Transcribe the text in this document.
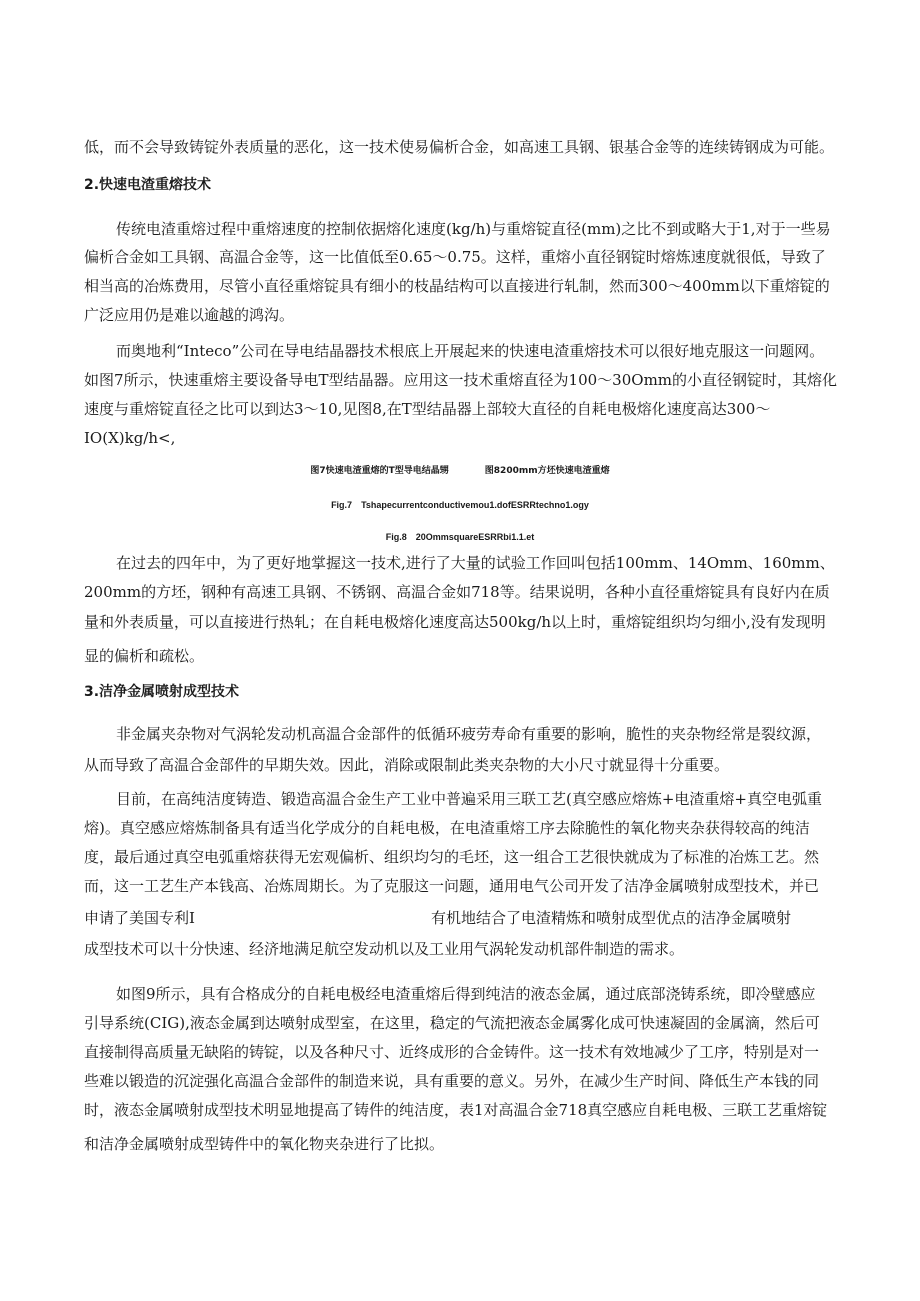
低，而不会导致铸锭外表质量的恶化，这一技术使易偏析合金，如高速工具钢、银基合金等的连续铸钢成为可能。
2.快速电渣重熔技术
传统电渣重熔过程中重熔速度的控制依据熔化速度(kg/h)与重熔锭直径(mm)之比不到或略大于1,对于一些易
偏析合金如工具钢、高温合金等，这一比值低至0.65～0.75。这样，重熔小直径钢锭时熔炼速度就很低，导致了
相当高的冶炼费用，尽管小直径重熔锭具有细小的枝晶结构可以直接进行轧制，然而300～400mm以下重熔锭的
广泛应用仍是难以逾越的鸿沟。
而奥地利“Inteco”公司在导电结晶器技术根底上开展起来的快速电渣重熔技术可以很好地克服这一问题网。
如图7所示，快速重熔主要设备导电T型结晶器。应用这一技术重熔直径为100～30Omm的小直径钢锭时，其熔化
速度与重熔锭直径之比可以到达3～10,见图8,在T型结晶器上部较大直径的自耗电极熔化速度高达300～
IO(X)kg/h<,
图7快速电渣重熔的T型导电结晶甥　　　　图8200mm方坯快速电渣重熔
Fig.7　Tshapecurrentconductivemou1.dofESRRtechno1.ogy
Fig.8　20OmmsquareESRRbi1.1.et
在过去的四年中，为了更好地掌握这一技术,进行了大量的试验工作回叫包括100mm、14Omm、160mm、
200mm的方坯，钢种有高速工具钢、不锈钢、高温合金如718等。结果说明，各种小直径重熔锭具有良好内在质
量和外表质量，可以直接进行热轧；在自耗电极熔化速度高达500kg/h以上时，重熔锭组织均匀细小,没有发现明
显的偏析和疏松。
3.洁净金属喷射成型技术
非金属夹杂物对气涡轮发动机高温合金部件的低循环疲劳寿命有重要的影响，脆性的夹杂物经常是裂纹源，
从而导致了高温合金部件的早期失效。因此，消除或限制此类夹杂物的大小尺寸就显得十分重要。
目前，在高纯洁度铸造、锻造高温合金生产工业中普遍采用三联工艺(真空感应熔炼+电渣重熔+真空电弧重
熔)。真空感应熔炼制备具有适当化学成分的自耗电极，在电渣重熔工序去除脆性的氧化物夹杂获得较高的纯洁
度，最后通过真空电弧重熔获得无宏观偏析、组织均匀的毛坯，这一组合工艺很快就成为了标准的冶炼工艺。然
而，这一工艺生产本钱高、冶炼周期长。为了克服这一问题，通用电气公司开发了洁净金属喷射成型技术，并已
申请了美国专利I	有机地结合了电渣精炼和喷射成型优点的洁净金属喷射
成型技术可以十分快速、经济地满足航空发动机以及工业用气涡轮发动机部件制造的需求。
如图9所示，具有合格成分的自耗电极经电渣重熔后得到纯洁的液态金属，通过底部浇铸系统，即冷壁感应
引导系统(CIG),液态金属到达喷射成型室，在这里，稳定的气流把液态金属雾化成可快速凝固的金属滴，然后可
直接制得高质量无缺陷的铸锭，以及各种尺寸、近终成形的合金铸件。这一技术有效地减少了工序，特别是对一
些难以锻造的沉淀强化高温合金部件的制造来说，具有重要的意义。另外，在减少生产时间、降低生产本钱的同
时，液态金属喷射成型技术明显地提高了铸件的纯洁度，表1对高温合金718真空感应自耗电极、三联工艺重熔锭
和洁净金属喷射成型铸件中的氧化物夹杂进行了比拟。
